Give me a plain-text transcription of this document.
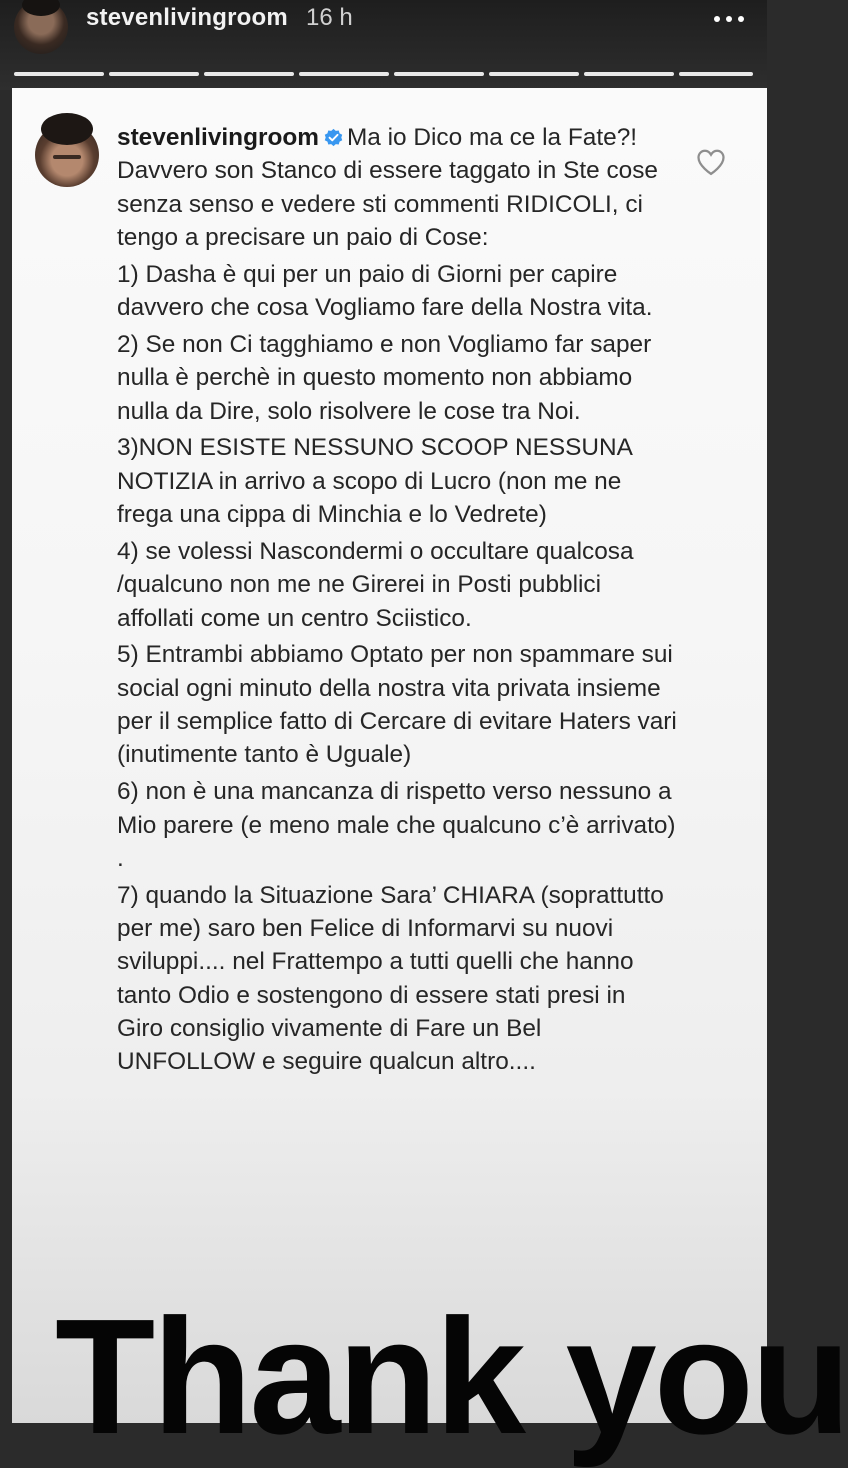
stevenlivingroom 16 h

stevenlivingroom Ma io Dico ma ce la Fate?! Davvero son Stanco di essere taggato in Ste cose senza senso e vedere sti commenti RIDICOLI, ci tengo a precisare un paio di Cose:

1) Dasha è qui per un paio di Giorni per capire davvero che cosa Vogliamo fare della Nostra vita.

2) Se non Ci tagghiamo e non Vogliamo far saper nulla è perchè in questo momento non abbiamo nulla da Dire, solo risolvere le cose tra Noi.

3)NON ESISTE NESSUNO SCOOP NESSUNA NOTIZIA in arrivo a scopo di Lucro (non me ne frega una cippa di Minchia e lo Vedrete)

4) se volessi Nascondermi o occultare qualcosa /qualcuno non me ne Girerei in Posti pubblici affollati come un centro Sciistico.

5) Entrambi abbiamo Optato per non spammare sui social ogni minuto della nostra vita privata insieme per il semplice fatto di Cercare di evitare Haters vari (inutimente tanto è Uguale)

6) non è una mancanza di rispetto verso nessuno a Mio parere (e meno male che qualcuno c’è arrivato) .

7) quando la Situazione Sara’ CHIARA (soprattutto per me) saro ben Felice di Informarvi su nuovi sviluppi.... nel Frattempo a tutti quelli che hanno tanto Odio e sostengono di essere stati presi in Giro consiglio vivamente di Fare un Bel UNFOLLOW e seguire qualcun altro....

Thank you
